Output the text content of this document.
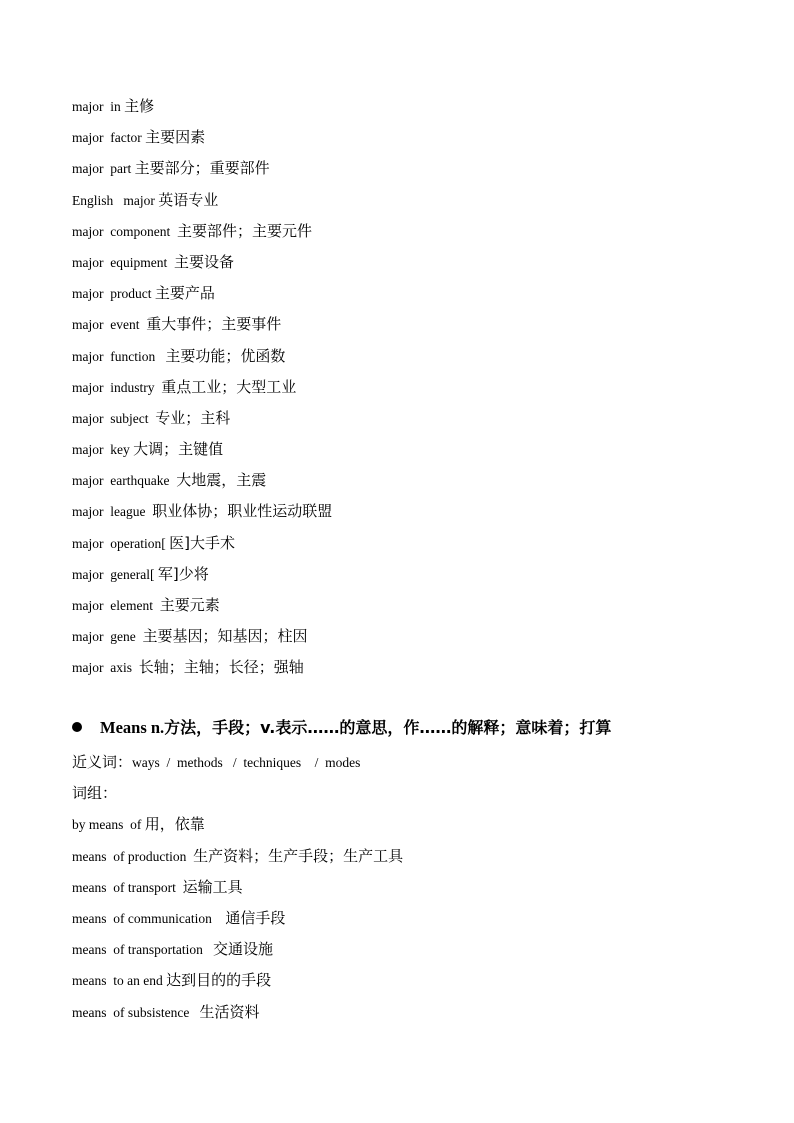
major  in 主修
major  factor 主要因素
major  part 主要部分；重要部件
English   major 英语专业
major  component  主要部件；主要元件
major  equipment  主要设备
major  product 主要产品
major  event  重大事件；主要事件
major  function   主要功能；优函数
major  industry  重点工业；大型工业
major  subject  专业；主科
major  key 大调；主键值
major  earthquake  大地震，主震
major  league  职业体协；职业性运动联盟
major  operation[ 医]大手术
major  general[ 军]少将
major  element  主要元素
major  gene  主要基因；知基因；柱因
major  axis  长轴；主轴；长径；强轴
Means n.方法，手段；v.表示……的意思，作……的解释；意味着；打算
近义词：ways  /  methods   /  techniques    /  modes
词组：
by means  of 用，依靠
means  of production  生产资料；生产手段；生产工具
means  of transport  运输工具
means  of communication    通信手段
means  of transportation   交通设施
means  to an end 达到目的的手段
means  of subsistence   生活资料
